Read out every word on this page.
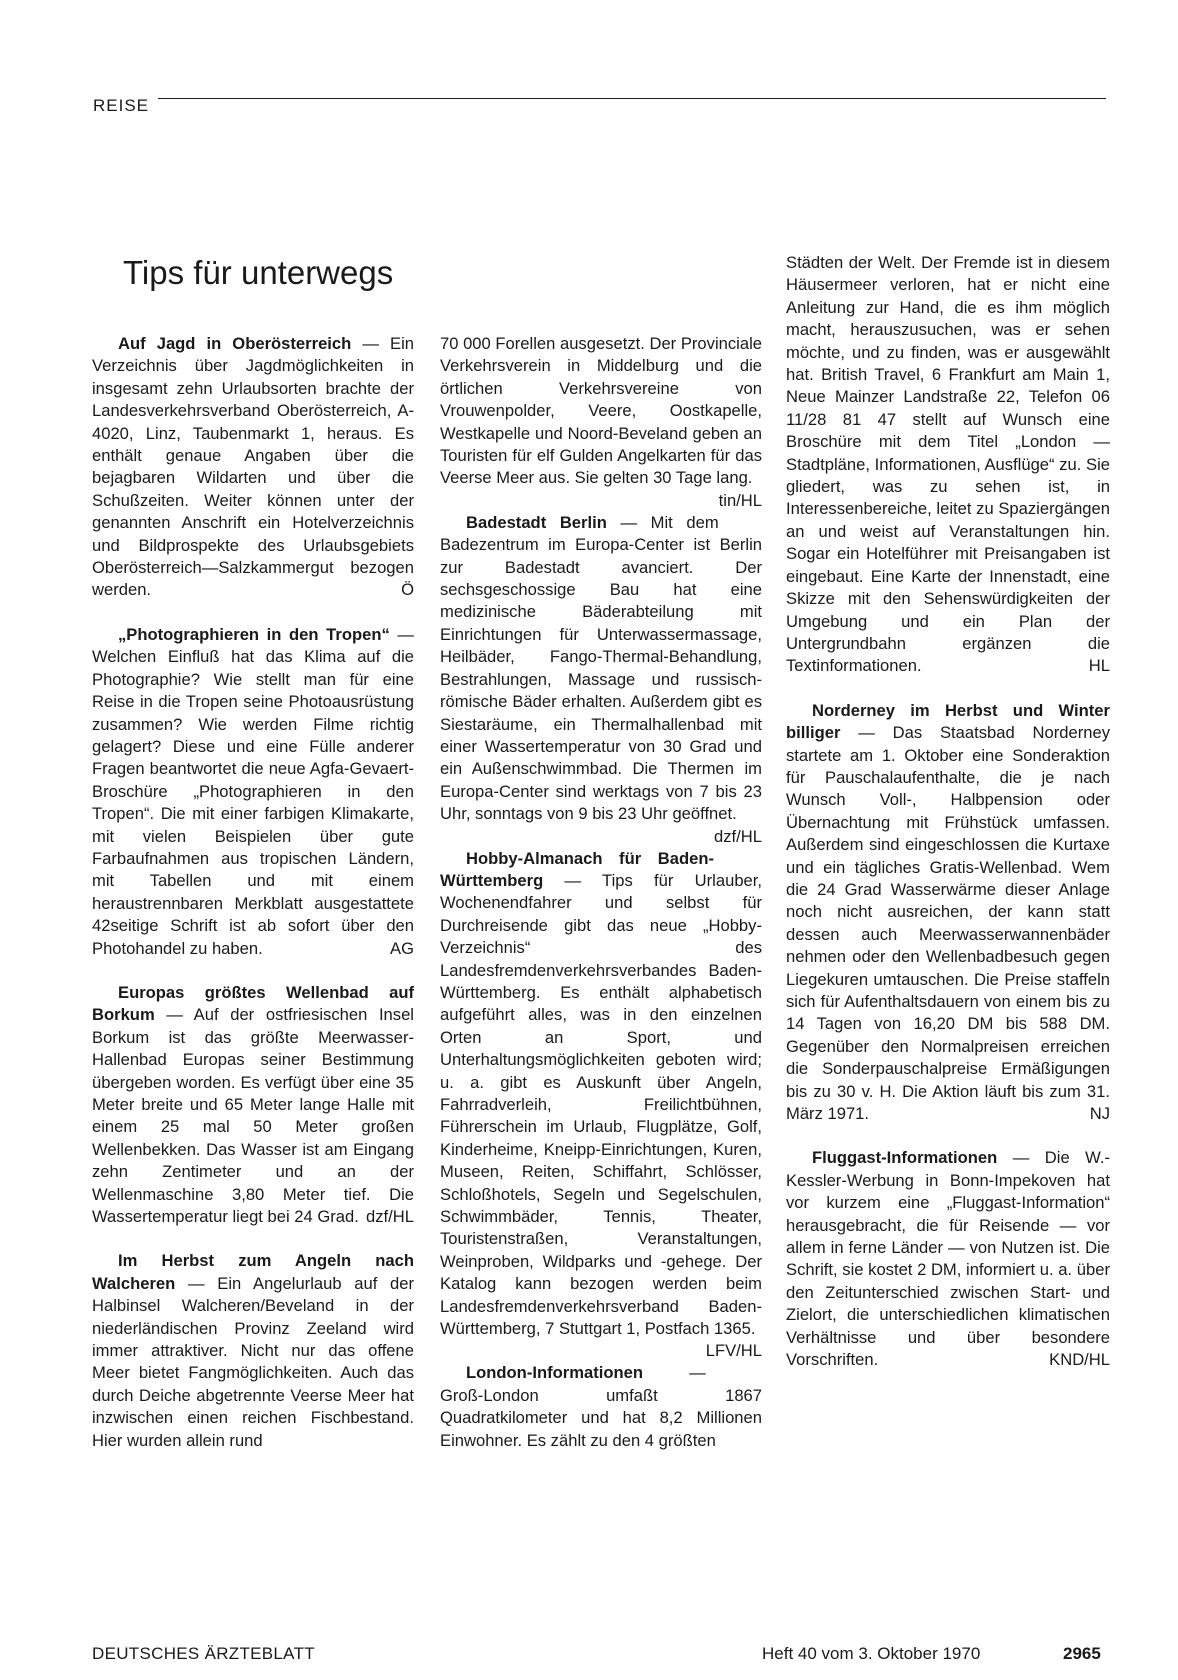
REISE
Tips für unterwegs

Auf Jagd in Oberösterreich — Ein Verzeichnis über Jagdmöglichkeiten in insgesamt zehn Urlaubsorten brachte der Landesverkehrsverband Oberösterreich, A-4020, Linz, Taubenmarkt 1, heraus. Es enthält genaue Angaben über die bejagbaren Wildarten und über die Schußzeiten. Weiter können unter der genannten Anschrift ein Hotelverzeichnis und Bildprospekte des Urlaubsgebiets Oberösterreich—Salzkammergut bezogen werden.	Ö

„Photographieren in den Tropen“ — Welchen Einfluß hat das Klima auf die Photographie? Wie stellt man für eine Reise in die Tropen seine Photoausrüstung zusammen? Wie werden Filme richtig gelagert? Diese und eine Fülle anderer Fragen beantwortet die neue Agfa-Gevaert-Broschüre „Photographieren in den Tropen“. Die mit einer farbigen Klimakarte, mit vielen Beispielen über gute Farbaufnahmen aus tropischen Ländern, mit Tabellen und mit einem heraustrennbaren Merkblatt ausgestattete 42seitige Schrift ist ab sofort über den Photohandel zu haben.	AG

Europas größtes Wellenbad auf Borkum — Auf der ostfriesischen Insel Borkum ist das größte Meerwasser-Hallenbad Europas seiner Bestimmung übergeben worden. Es verfügt über eine 35 Meter breite und 65 Meter lange Halle mit einem 25 mal 50 Meter großen Wellenbekken. Das Wasser ist am Eingang zehn Zentimeter und an der Wellenmaschine 3,80 Meter tief. Die Wassertemperatur liegt bei 24 Grad. dzf/HL

Im Herbst zum Angeln nach Walcheren — Ein Angelurlaub auf der Halbinsel Walcheren/Beveland in der niederländischen Provinz Zeeland wird immer attraktiver. Nicht nur das offene Meer bietet Fangmöglichkeiten. Auch das durch Deiche abgetrennte Veerse Meer hat inzwischen einen reichen Fischbestand. Hier wurden allein rund

70 000 Forellen ausgesetzt. Der Provinciale Verkehrsverein in Middelburg und die örtlichen Verkehrsvereine von Vrouwenpolder, Veere, Oostkapelle, Westkapelle und Noord-Beveland geben an Touristen für elf Gulden Angelkarten für das Veerse Meer aus. Sie gelten 30 Tage lang.
tin/HL

Badestadt Berlin — Mit dem Badezentrum im Europa-Center ist Berlin zur Badestadt avanciert. Der sechsgeschossige Bau hat eine medizinische Bäderabteilung mit Einrichtungen für Unterwassermassage, Heilbäder, Fango-Thermal-Behandlung, Bestrahlungen, Massage und russisch-römische Bäder erhalten. Außerdem gibt es Siestaräume, ein Thermalhallenbad mit einer Wassertemperatur von 30 Grad und ein Außenschwimmbad. Die Thermen im Europa-Center sind werktags von 7 bis 23 Uhr, sonntags von 9 bis 23 Uhr geöffnet.
dzf/HL

Hobby-Almanach für Baden-Württemberg — Tips für Urlauber, Wochenendfahrer und selbst für Durchreisende gibt das neue „Hobby-Verzeichnis“ des Landesfremdenverkehrsverbandes Baden-Württemberg. Es enthält alphabetisch aufgeführt alles, was in den einzelnen Orten an Sport, und Unterhaltungsmöglichkeiten geboten wird; u. a. gibt es Auskunft über Angeln, Fahrradverleih, Freilichtbühnen, Führerschein im Urlaub, Flugplätze, Golf, Kinderheime, Kneipp-Einrichtungen, Kuren, Museen, Reiten, Schiffahrt, Schlösser, Schloßhotels, Segeln und Segelschulen, Schwimmbäder, Tennis, Theater, Touristenstraßen, Veranstaltungen, Weinproben, Wildparks und -gehege. Der Katalog kann bezogen werden beim Landesfremdenverkehrsverband Baden-Württemberg, 7 Stuttgart 1, Postfach 1365.
LFV/HL

London-Informationen — Groß-London umfaßt 1867 Quadratkilometer und hat 8,2 Millionen Einwohner. Es zählt zu den 4 größten

Städten der Welt. Der Fremde ist in diesem Häusermeer verloren, hat er nicht eine Anleitung zur Hand, die es ihm möglich macht, herauszusuchen, was er sehen möchte, und zu finden, was er ausgewählt hat. British Travel, 6 Frankfurt am Main 1, Neue Mainzer Landstraße 22, Telefon 06 11/28 81 47 stellt auf Wunsch eine Broschüre mit dem Titel „London — Stadtpläne, Informationen, Ausflüge“ zu. Sie gliedert, was zu sehen ist, in Interessenbereiche, leitet zu Spaziergängen an und weist auf Veranstaltungen hin. Sogar ein Hotelführer mit Preisangaben ist eingebaut. Eine Karte der Innenstadt, eine Skizze mit den Sehenswürdigkeiten der Umgebung und ein Plan der Untergrundbahn ergänzen die Textinformationen.	HL

Norderney im Herbst und Winter billiger — Das Staatsbad Norderney startete am 1. Oktober eine Sonderaktion für Pauschalaufenthalte, die je nach Wunsch Voll-, Halbpension oder Übernachtung mit Frühstück umfassen. Außerdem sind eingeschlossen die Kurtaxe und ein tägliches Gratis-Wellenbad. Wem die 24 Grad Wasserwärme dieser Anlage noch nicht ausreichen, der kann statt dessen auch Meerwasserwannenbäder nehmen oder den Wellenbadbesuch gegen Liegekuren umtauschen. Die Preise staffeln sich für Aufenthaltsdauern von einem bis zu 14 Tagen von 16,20 DM bis 588 DM. Gegenüber den Normalpreisen erreichen die Sonderpauschalpreise Ermäßigungen bis zu 30 v. H. Die Aktion läuft bis zum 31. März 1971.	NJ

Fluggast-Informationen — Die W.-Kessler-Werbung in Bonn-Impekoven hat vor kurzem eine „Fluggast-Information“ herausgebracht, die für Reisende — vor allem in ferne Länder — von Nutzen ist. Die Schrift, sie kostet 2 DM, informiert u. a. über den Zeitunterschied zwischen Start- und Zielort, die unterschiedlichen klimatischen Verhältnisse und über besondere Vorschriften.	KND/HL

DEUTSCHES ÄRZTEBLATT	Heft 40 vom 3. Oktober 1970	2965
